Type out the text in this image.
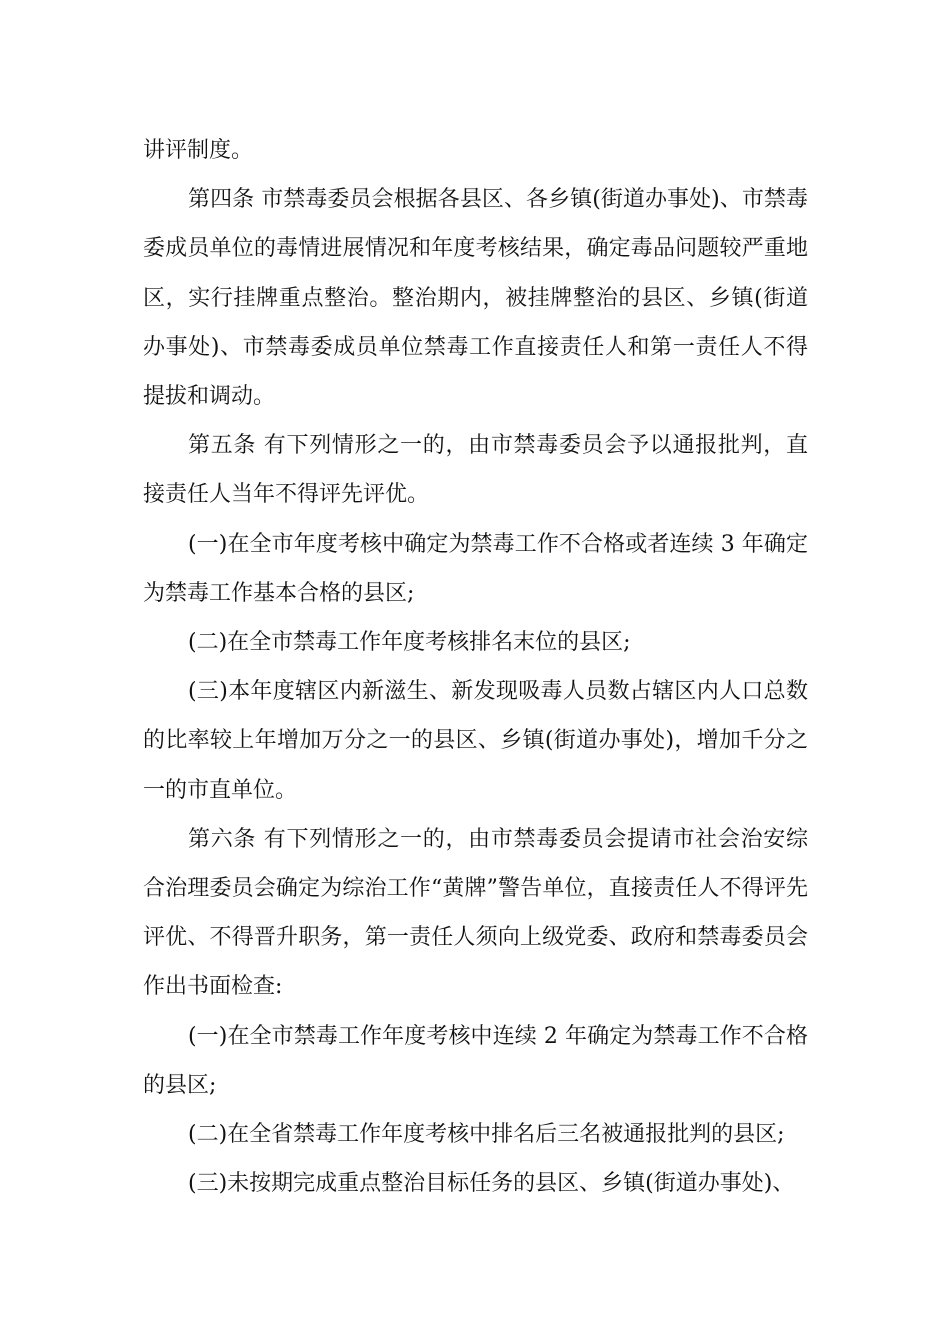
讲评制度。

第四条 市禁毒委员会根据各县区、各乡镇(街道办事处)、市禁毒委成员单位的毒情进展情况和年度考核结果，确定毒品问题较严重地区，实行挂牌重点整治。整治期内，被挂牌整治的县区、乡镇(街道办事处)、市禁毒委成员单位禁毒工作直接责任人和第一责任人不得提拔和调动。

第五条 有下列情形之一的，由市禁毒委员会予以通报批判，直接责任人当年不得评先评优。

(一)在全市年度考核中确定为禁毒工作不合格或者连续 3 年确定为禁毒工作基本合格的县区;

(二)在全市禁毒工作年度考核排名末位的县区;

(三)本年度辖区内新滋生、新发现吸毒人员数占辖区内人口总数的比率较上年增加万分之一的县区、乡镇(街道办事处)，增加千分之一的市直单位。

第六条 有下列情形之一的，由市禁毒委员会提请市社会治安综合治理委员会确定为综治工作“黄牌”警告单位，直接责任人不得评先评优、不得晋升职务，第一责任人须向上级党委、政府和禁毒委员会作出书面检查:

(一)在全市禁毒工作年度考核中连续 2 年确定为禁毒工作不合格的县区;

(二)在全省禁毒工作年度考核中排名后三名被通报批判的县区;

(三)未按期完成重点整治目标任务的县区、乡镇(街道办事处)、
